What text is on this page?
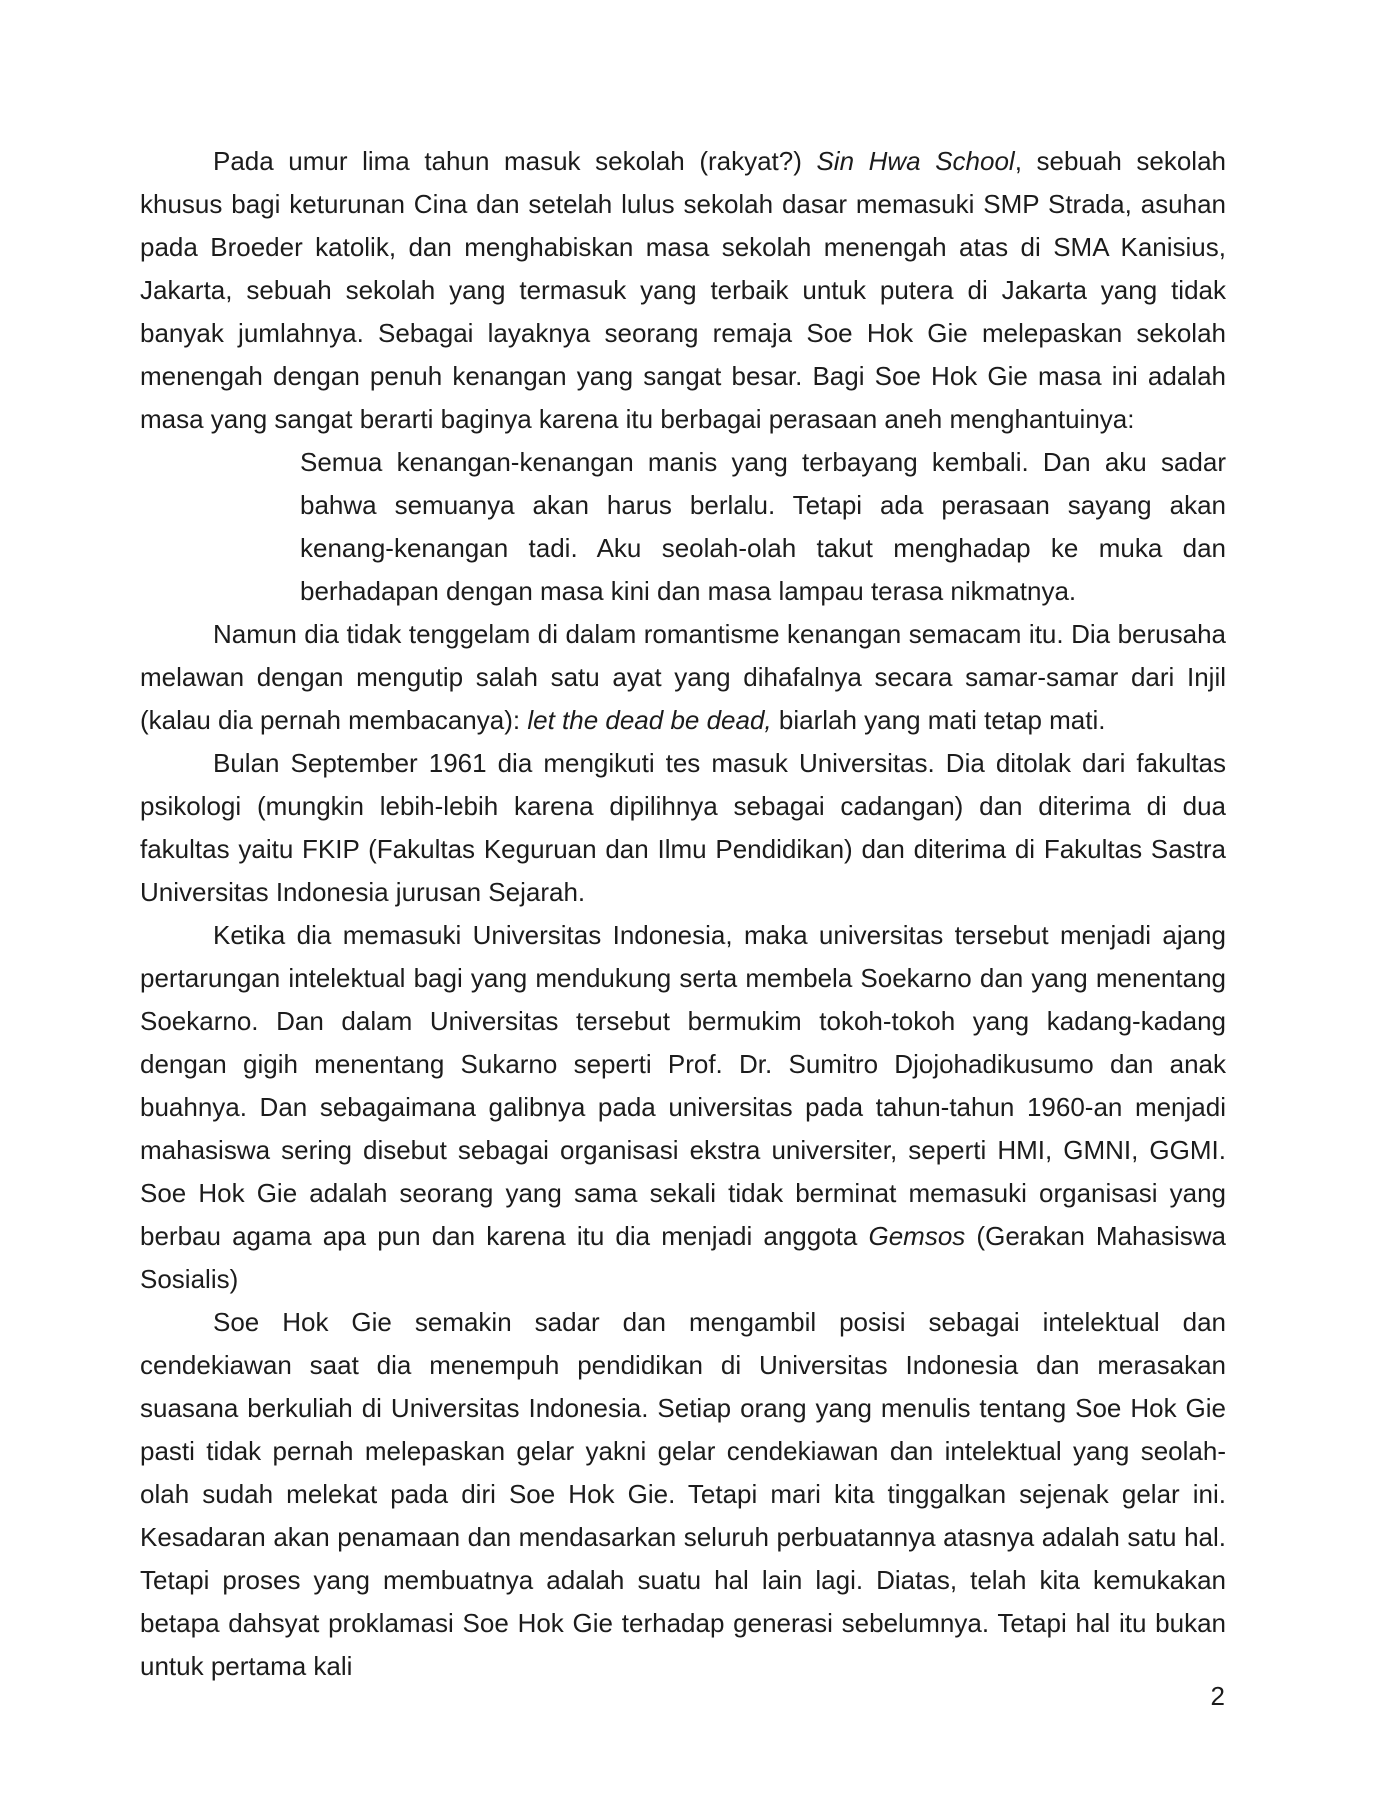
Pada umur lima tahun masuk sekolah (rakyat?) Sin Hwa School, sebuah sekolah khusus bagi keturunan Cina dan setelah lulus sekolah dasar memasuki SMP Strada, asuhan pada Broeder katolik, dan menghabiskan masa sekolah menengah atas di SMA Kanisius, Jakarta, sebuah sekolah yang termasuk yang terbaik untuk putera di Jakarta yang tidak banyak jumlahnya. Sebagai layaknya seorang remaja Soe Hok Gie melepaskan sekolah menengah dengan penuh kenangan yang sangat besar. Bagi Soe Hok Gie masa ini adalah masa yang sangat berarti baginya karena itu berbagai perasaan aneh menghantuinya:

Semua kenangan-kenangan manis yang terbayang kembali. Dan aku sadar bahwa semuanya akan harus berlalu. Tetapi ada perasaan sayang akan kenang-kenangan tadi. Aku seolah-olah takut menghadap ke muka dan berhadapan dengan masa kini dan masa lampau terasa nikmatnya.

Namun dia tidak tenggelam di dalam romantisme kenangan semacam itu. Dia berusaha melawan dengan mengutip salah satu ayat yang dihafalnya secara samar-samar dari Injil (kalau dia pernah membacanya): let the dead be dead, biarlah yang mati tetap mati.

Bulan September 1961 dia mengikuti tes masuk Universitas. Dia ditolak dari fakultas psikologi (mungkin lebih-lebih karena dipilihnya sebagai cadangan) dan diterima di dua fakultas yaitu FKIP (Fakultas Keguruan dan Ilmu Pendidikan) dan diterima di Fakultas Sastra Universitas Indonesia jurusan Sejarah.

Ketika dia memasuki Universitas Indonesia, maka universitas tersebut menjadi ajang pertarungan intelektual bagi yang mendukung serta membela Soekarno dan yang menentang Soekarno. Dan dalam Universitas tersebut bermukim tokoh-tokoh yang kadang-kadang dengan gigih menentang Sukarno seperti Prof. Dr. Sumitro Djojohadikusumo dan anak buahnya. Dan sebagaimana galibnya pada universitas pada tahun-tahun 1960-an menjadi mahasiswa sering disebut sebagai organisasi ekstra universiter, seperti HMI, GMNI, GGMI. Soe Hok Gie adalah seorang yang sama sekali tidak berminat memasuki organisasi yang berbau agama apa pun dan karena itu dia menjadi anggota Gemsos (Gerakan Mahasiswa Sosialis)

Soe Hok Gie semakin sadar dan mengambil posisi sebagai intelektual dan cendekiawan saat dia menempuh pendidikan di Universitas Indonesia dan merasakan suasana berkuliah di Universitas Indonesia. Setiap orang yang menulis tentang Soe Hok Gie pasti tidak pernah melepaskan gelar yakni gelar cendekiawan dan intelektual yang seolah-olah sudah melekat pada diri Soe Hok Gie. Tetapi mari kita tinggalkan sejenak gelar ini. Kesadaran akan penamaan dan mendasarkan seluruh perbuatannya atasnya adalah satu hal. Tetapi proses yang membuatnya adalah suatu hal lain lagi. Diatas, telah kita kemukakan betapa dahsyat proklamasi Soe Hok Gie terhadap generasi sebelumnya. Tetapi hal itu bukan untuk pertama kali

2
